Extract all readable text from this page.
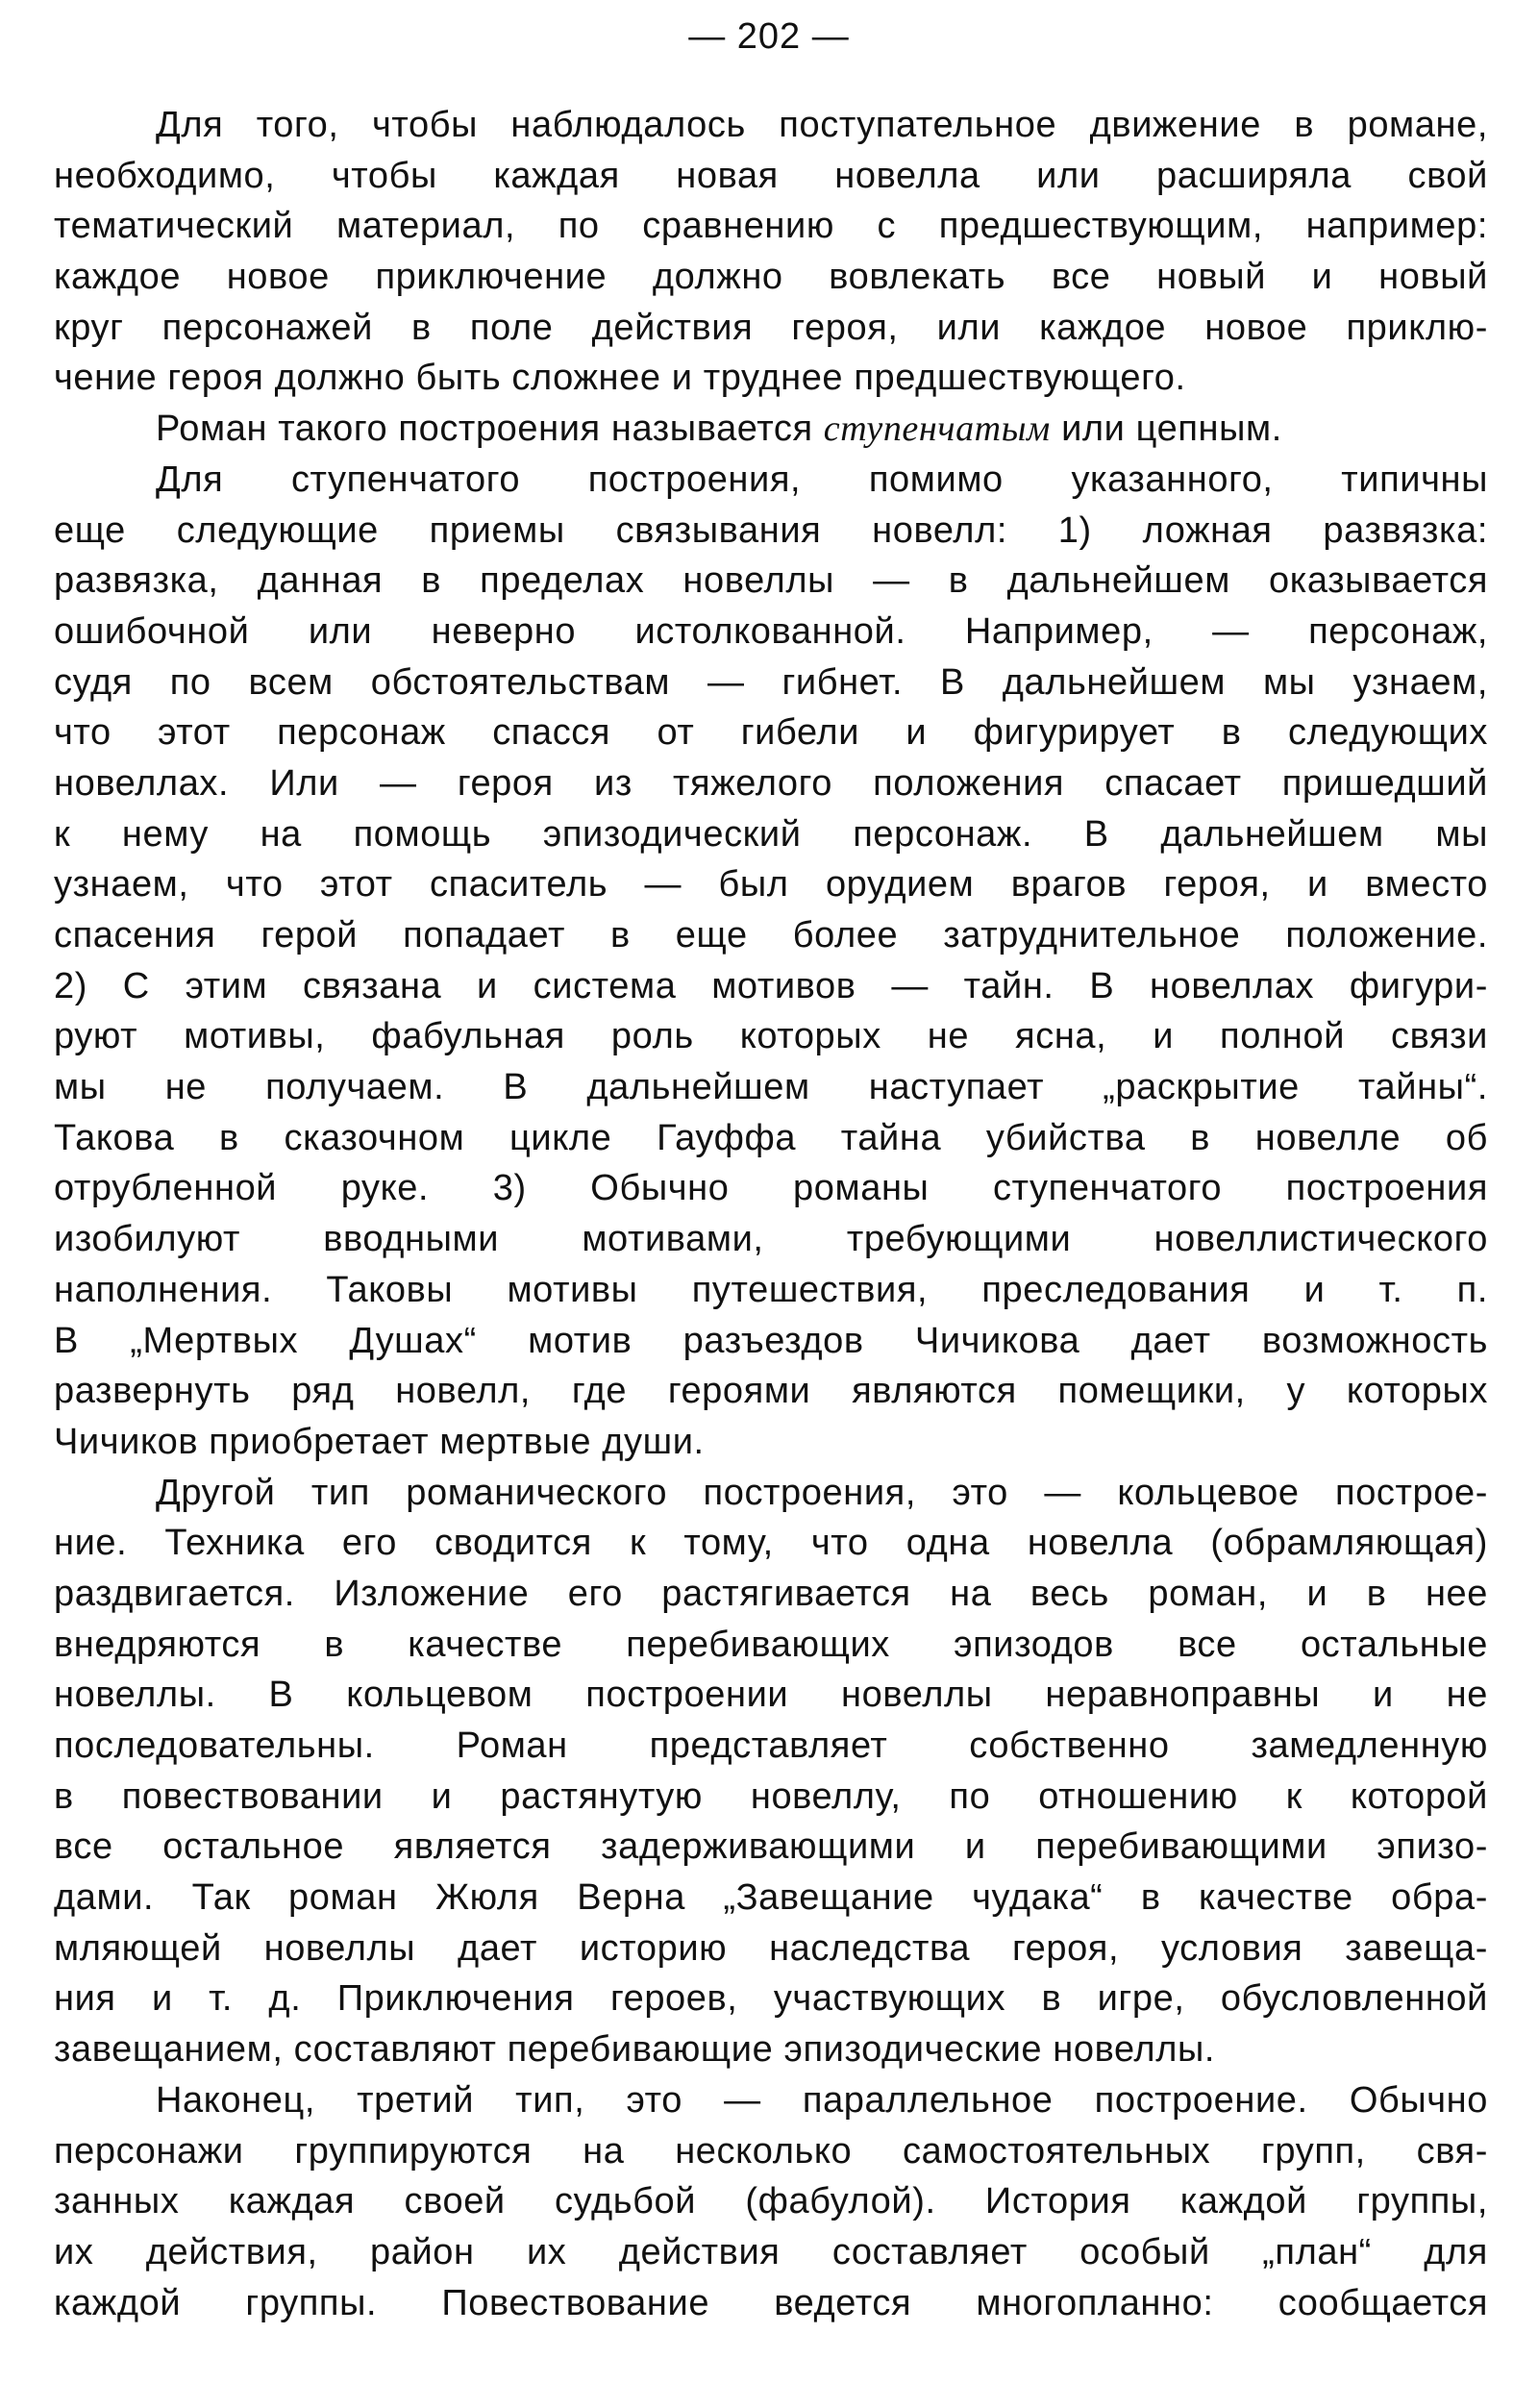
— 202 —
Для того, чтобы наблюдалось поступательное движение в романе,
необходимо, чтобы каждая новая новелла или расширяла свой
тематический материал, по сравнению с предшествующим, например:
каждое новое приключение должно вовлекать все новый и новый
круг персонажей в поле действия героя, или каждое новое приклю-
чение героя должно быть сложнее и труднее предшествующего.
Роман такого построения называется ступенчатым или цепным.
Для ступенчатого построения, помимо указанного, типичны
еще следующие приемы связывания новелл: 1) ложная развязка:
развязка, данная в пределах новеллы — в дальнейшем оказывается
ошибочной или неверно истолкованной. Например, — персонаж,
судя по всем обстоятельствам — гибнет. В дальнейшем мы узнаем,
что этот персонаж спасся от гибели и фигурирует в следующих
новеллах. Или — героя из тяжелого положения спасает пришедший
к нему на помощь эпизодический персонаж. В дальнейшем мы
узнаем, что этот спаситель — был орудием врагов героя, и вместо
спасения герой попадает в еще более затруднительное положение.
2) С этим связана и система мотивов — тайн. В новеллах фигури-
руют мотивы, фабульная роль которых не ясна, и полной связи
мы не получаем. В дальнейшем наступает „раскрытие тайны“.
Такова в сказочном цикле Гауффа тайна убийства в новелле об
отрубленной руке. 3) Обычно романы ступенчатого построения
изобилуют вводными мотивами, требующими новеллистического
наполнения. Таковы мотивы путешествия, преследования и т. п.
В „Мертвых Душах“ мотив разъездов Чичикова дает возможность
развернуть ряд новелл, где героями являются помещики, у которых
Чичиков приобретает мертвые души.
Другой тип романического построения, это — кольцевое построе-
ние. Техника его сводится к тому, что одна новелла (обрамляющая)
раздвигается. Изложение его растягивается на весь роман, и в нее
внедряются в качестве перебивающих эпизодов все остальные
новеллы. В кольцевом построении новеллы неравноправны и не
последовательны. Роман представляет собственно замедленную
в повествовании и растянутую новеллу, по отношению к которой
все остальное является задерживающими и перебивающими эпизо-
дами. Так роман Жюля Верна „Завещание чудака“ в качестве обра-
мляющей новеллы дает историю наследства героя, условия завеща-
ния и т. д. Приключения героев, участвующих в игре, обусловленной
завещанием, составляют перебивающие эпизодические новеллы.
Наконец, третий тип, это — параллельное построение. Обычно
персонажи группируются на несколько самостоятельных групп, свя-
занных каждая своей судьбой (фабулой). История каждой группы,
их действия, район их действия составляет особый „план“ для
каждой группы. Повествование ведется многопланно: сообщается
